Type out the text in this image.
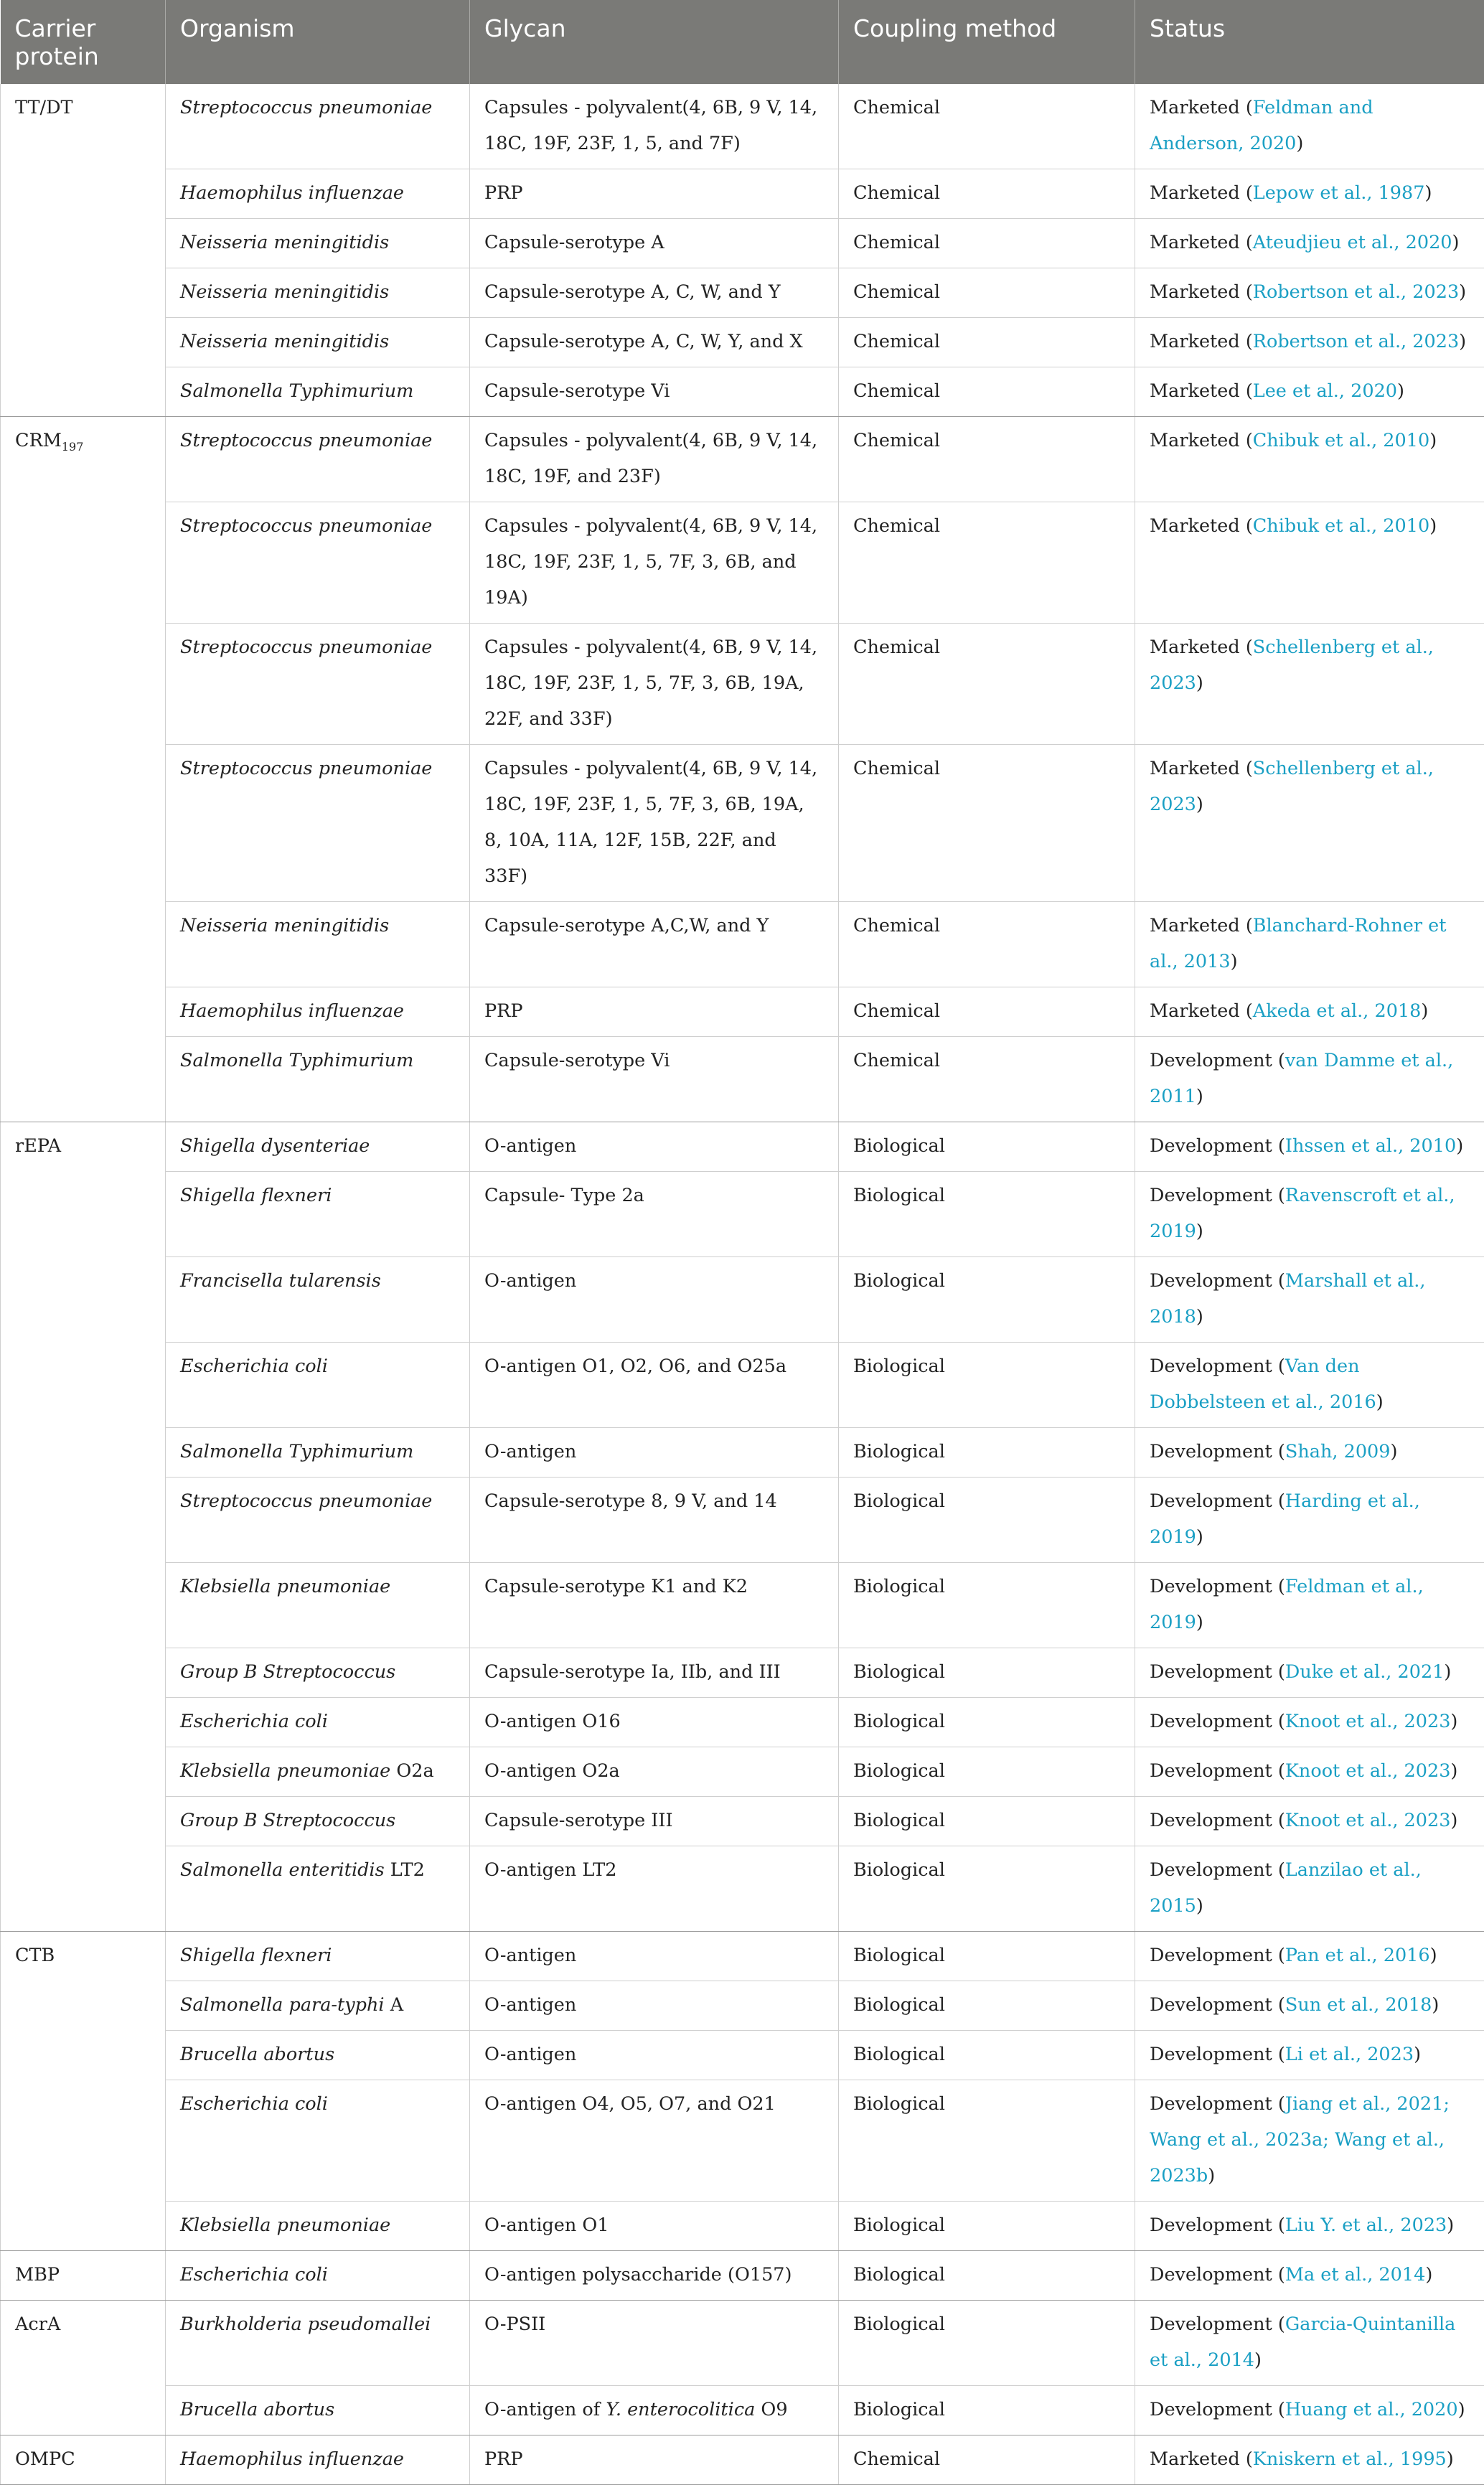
Carrier protein	Organism	Glycan	Coupling method	Status
TT/DT	Streptococcus pneumoniae	Capsules - polyvalent(4, 6B, 9 V, 14, 18C, 19F, 23F, 1, 5, and 7F)	Chemical	Marketed (Feldman and Anderson, 2020)
	Haemophilus influenzae	PRP	Chemical	Marketed (Lepow et al., 1987)
	Neisseria meningitidis	Capsule-serotype A	Chemical	Marketed (Ateudjieu et al., 2020)
	Neisseria meningitidis	Capsule-serotype A, C, W, and Y	Chemical	Marketed (Robertson et al., 2023)
	Neisseria meningitidis	Capsule-serotype A, C, W, Y, and X	Chemical	Marketed (Robertson et al., 2023)
	Salmonella Typhimurium	Capsule-serotype Vi	Chemical	Marketed (Lee et al., 2020)
$CRM_{197}$	Streptococcus pneumoniae	Capsules - polyvalent(4, 6B, 9 V, 14, 18C, 19F, and 23F)	Chemical	Marketed (Chibuk et al., 2010)
	Streptococcus pneumoniae	Capsules - polyvalent(4, 6B, 9 V, 14, 18C, 19F, 23F, 1, 5, 7F, 3, 6B, and 19A)	Chemical	Marketed (Chibuk et al., 2010)
	Streptococcus pneumoniae	Capsules - polyvalent(4, 6B, 9 V, 14, 18C, 19F, 23F, 1, 5, 7F, 3, 6B, 19A, 22F, and 33F)	Chemical	Marketed (Schellenberg et al., 2023)
	Streptococcus pneumoniae	Capsules - polyvalent(4, 6B, 9 V, 14, 18C, 19F, 23F, 1, 5, 7F, 3, 6B, 19A, 8, 10A, 11A, 12F, 15B, 22F, and 33F)	Chemical	Marketed (Schellenberg et al., 2023)
	Neisseria meningitidis	Capsule-serotype A,C,W, and Y	Chemical	Marketed (Blanchard-Rohner et al., 2013)
	Haemophilus influenzae	PRP	Chemical	Marketed (Akeda et al., 2018)
	Salmonella Typhimurium	Capsule-serotype Vi	Chemical	Development (van Damme et al., 2011)
rEPA	Shigella dysenteriae	O-antigen	Biological	Development (Ihssen et al., 2010)
	Shigella flexneri	Capsule- Type 2a	Biological	Development (Ravenscroft et al., 2019)
	Francisella tularensis	O-antigen	Biological	Development (Marshall et al., 2018)
	Escherichia coli	O-antigen O1, O2, O6, and O25a	Biological	Development (Van den Dobbelsteen et al., 2016)
	Salmonella Typhimurium	O-antigen	Biological	Development (Shah, 2009)
	Streptococcus pneumoniae	Capsule-serotype 8, 9 V, and 14	Biological	Development (Harding et al., 2019)
	Klebsiella pneumoniae	Capsule-serotype K1 and K2	Biological	Development (Feldman et al., 2019)
	Group B Streptococcus	Capsule-serotype Ia, IIb, and III	Biological	Development (Duke et al., 2021)
	Escherichia coli	O-antigen O16	Biological	Development (Knoot et al., 2023)
	Klebsiella pneumoniae O2a	O-antigen O2a	Biological	Development (Knoot et al., 2023)
	Group B Streptococcus	Capsule-serotype III	Biological	Development (Knoot et al., 2023)
	Salmonella enteritidis LT2	O-antigen LT2	Biological	Development (Lanzilao et al., 2015)
CTB	Shigella flexneri	O-antigen	Biological	Development (Pan et al., 2016)
	Salmonella para-typhi A	O-antigen	Biological	Development (Sun et al., 2018)
	Brucella abortus	O-antigen	Biological	Development (Li et al., 2023)
	Escherichia coli	O-antigen O4, O5, O7, and O21	Biological	Development (Jiang et al., 2021; Wang et al., 2023a; Wang et al., 2023b)
	Klebsiella pneumoniae	O-antigen O1	Biological	Development (Liu Y. et al., 2023)
MBP	Escherichia coli	O-antigen polysaccharide (O157)	Biological	Development (Ma et al., 2014)
AcrA	Burkholderia pseudomallei	O-PSII	Biological	Development (Garcia-Quintanilla et al., 2014)
	Brucella abortus	O-antigen of Y. enterocolitica O9	Biological	Development (Huang et al., 2020)
OMPC	Haemophilus influenzae	PRP	Chemical	Marketed (Kniskern et al., 1995)
